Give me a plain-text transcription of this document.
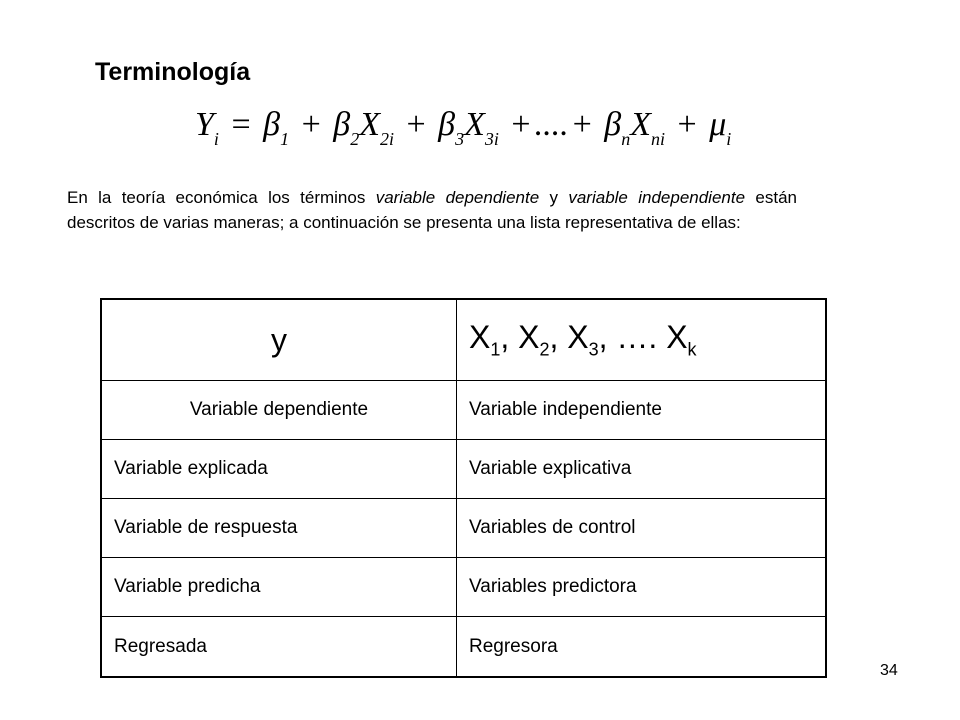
Terminología
$Y_i = \beta_1 + \beta_2X_{2i} + \beta_3X_{3i}$ + .... + $\beta_nX_{ni} + \mu_i$
En la teoría económica los términos variable dependiente y variable independiente están descritos de varias maneras; a continuación se presenta una lista representativa de ellas:
y	$X_1$, $X_2$, $X_3$, …. $X_k$
Variable dependiente	Variable independiente
Variable explicada	Variable explicativa
Variable de respuesta	Variables de control
Variable predicha	Variables predictora
Regresada	Regresora
34
